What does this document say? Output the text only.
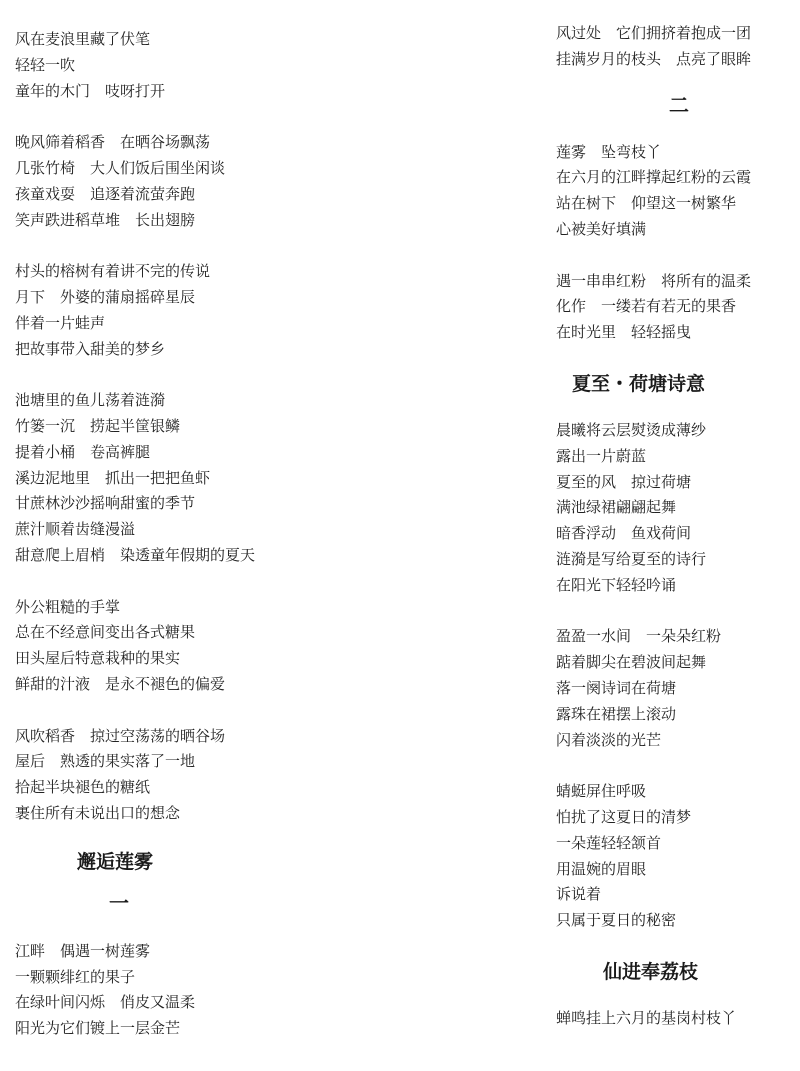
风在麦浪里藏了伏笔
轻轻一吹
童年的木门　吱呀打开
晚风筛着稻香　在晒谷场飘荡
几张竹椅　大人们饭后围坐闲谈
孩童戏耍　追逐着流萤奔跑
笑声跌进稻草堆　长出翅膀
村头的榕树有着讲不完的传说
月下　外婆的蒲扇摇碎星辰
伴着一片蛙声
把故事带入甜美的梦乡
池塘里的鱼儿荡着涟漪
竹篓一沉　捞起半筐银鳞
提着小桶　卷高裤腿
溪边泥地里　抓出一把把鱼虾
甘蔗林沙沙摇响甜蜜的季节
蔗汁顺着齿缝漫溢
甜意爬上眉梢　染透童年假期的夏天
外公粗糙的手掌
总在不经意间变出各式糖果
田头屋后特意栽种的果实
鲜甜的汁液　是永不褪色的偏爱
风吹稻香　掠过空荡荡的晒谷场
屋后　熟透的果实落了一地
拾起半块褪色的糖纸
裹住所有未说出口的想念
邂逅莲雾
一
江畔　偶遇一树莲雾
一颗颗绯红的果子
在绿叶间闪烁　俏皮又温柔
阳光为它们镀上一层金芒
风过处　它们拥挤着抱成一团
挂满岁月的枝头　点亮了眼眸
二
莲雾　坠弯枝丫
在六月的江畔撑起红粉的云霞
站在树下　仰望这一树繁华
心被美好填满
遇一串串红粉　将所有的温柔
化作　一缕若有若无的果香
在时光里　轻轻摇曳
夏至・荷塘诗意
晨曦将云层熨烫成薄纱
露出一片蔚蓝
夏至的风　掠过荷塘
满池绿裙翩翩起舞
暗香浮动　鱼戏荷间
涟漪是写给夏至的诗行
在阳光下轻轻吟诵
盈盈一水间　一朵朵红粉
踮着脚尖在碧波间起舞
落一阕诗词在荷塘
露珠在裙摆上滚动
闪着淡淡的光芒
蜻蜓屏住呼吸
怕扰了这夏日的清梦
一朵莲轻轻颔首
用温婉的眉眼
诉说着
只属于夏日的秘密
仙进奉荔枝
蝉鸣挂上六月的基岗村枝丫
